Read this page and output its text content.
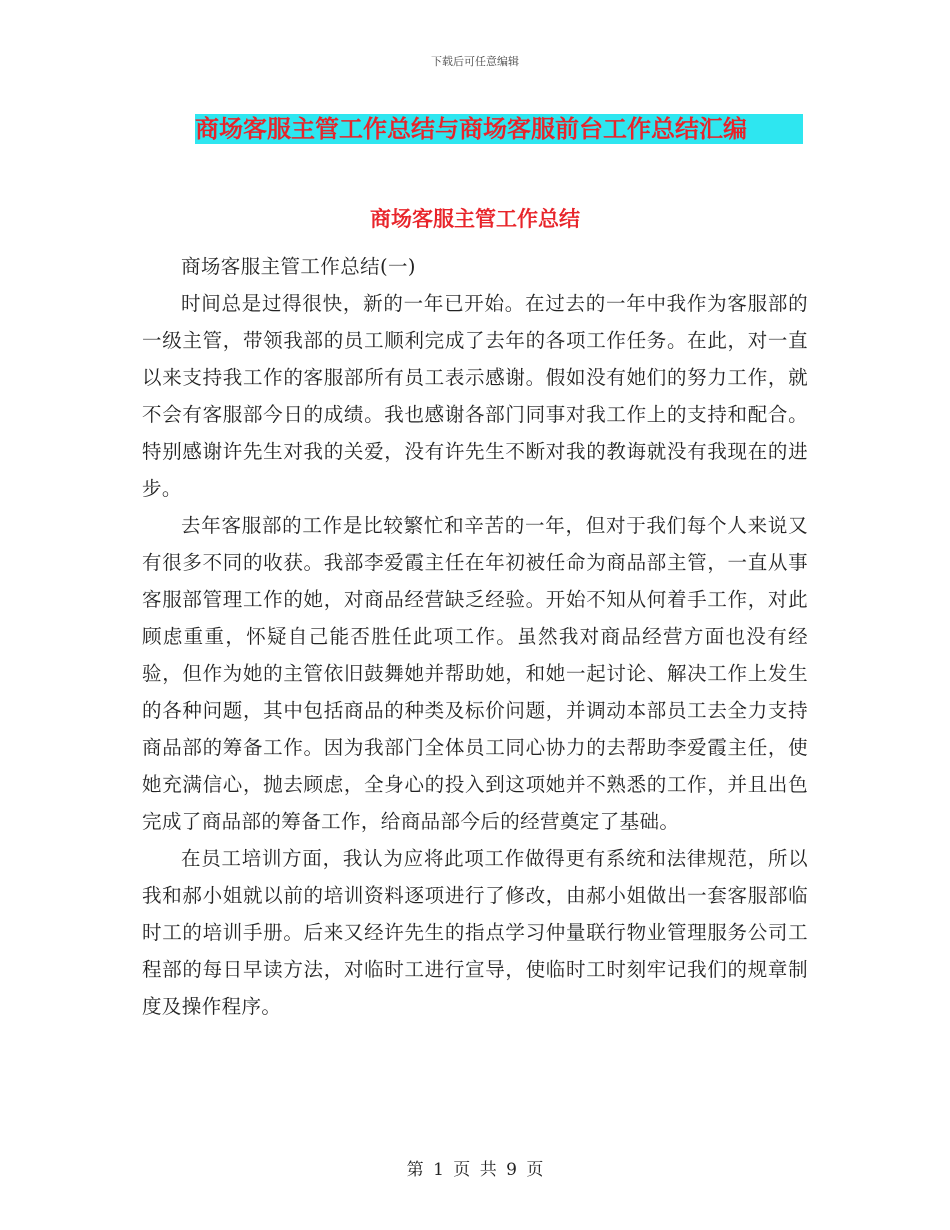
下载后可任意编辑
商场客服主管工作总结与商场客服前台工作总结汇编
商场客服主管工作总结

商场客服主管工作总结(一)

时间总是过得很快，新的一年已开始。在过去的一年中我作为客服部的一级主管，带领我部的员工顺利完成了去年的各项工作任务。在此，对一直以来支持我工作的客服部所有员工表示感谢。假如没有她们的努力工作，就不会有客服部今日的成绩。我也感谢各部门同事对我工作上的支持和配合。特别感谢许先生对我的关爱，没有许先生不断对我的教诲就没有我现在的进步。

去年客服部的工作是比较繁忙和辛苦的一年，但对于我们每个人来说又有很多不同的收获。我部李爱霞主任在年初被任命为商品部主管，一直从事客服部管理工作的她，对商品经营缺乏经验。开始不知从何着手工作，对此顾虑重重，怀疑自己能否胜任此项工作。虽然我对商品经营方面也没有经验，但作为她的主管依旧鼓舞她并帮助她，和她一起讨论、解决工作上发生的各种问题，其中包括商品的种类及标价问题，并调动本部员工去全力支持商品部的筹备工作。因为我部门全体员工同心协力的去帮助李爱霞主任，使她充满信心，抛去顾虑，全身心的投入到这项她并不熟悉的工作，并且出色完成了商品部的筹备工作，给商品部今后的经营奠定了基础。

在员工培训方面，我认为应将此项工作做得更有系统和法律规范，所以我和郝小姐就以前的培训资料逐项进行了修改，由郝小姐做出一套客服部临时工的培训手册。后来又经许先生的指点学习仲量联行物业管理服务公司工程部的每日早读方法，对临时工进行宣导，使临时工时刻牢记我们的规章制度及操作程序。

第 1 页 共 9 页
